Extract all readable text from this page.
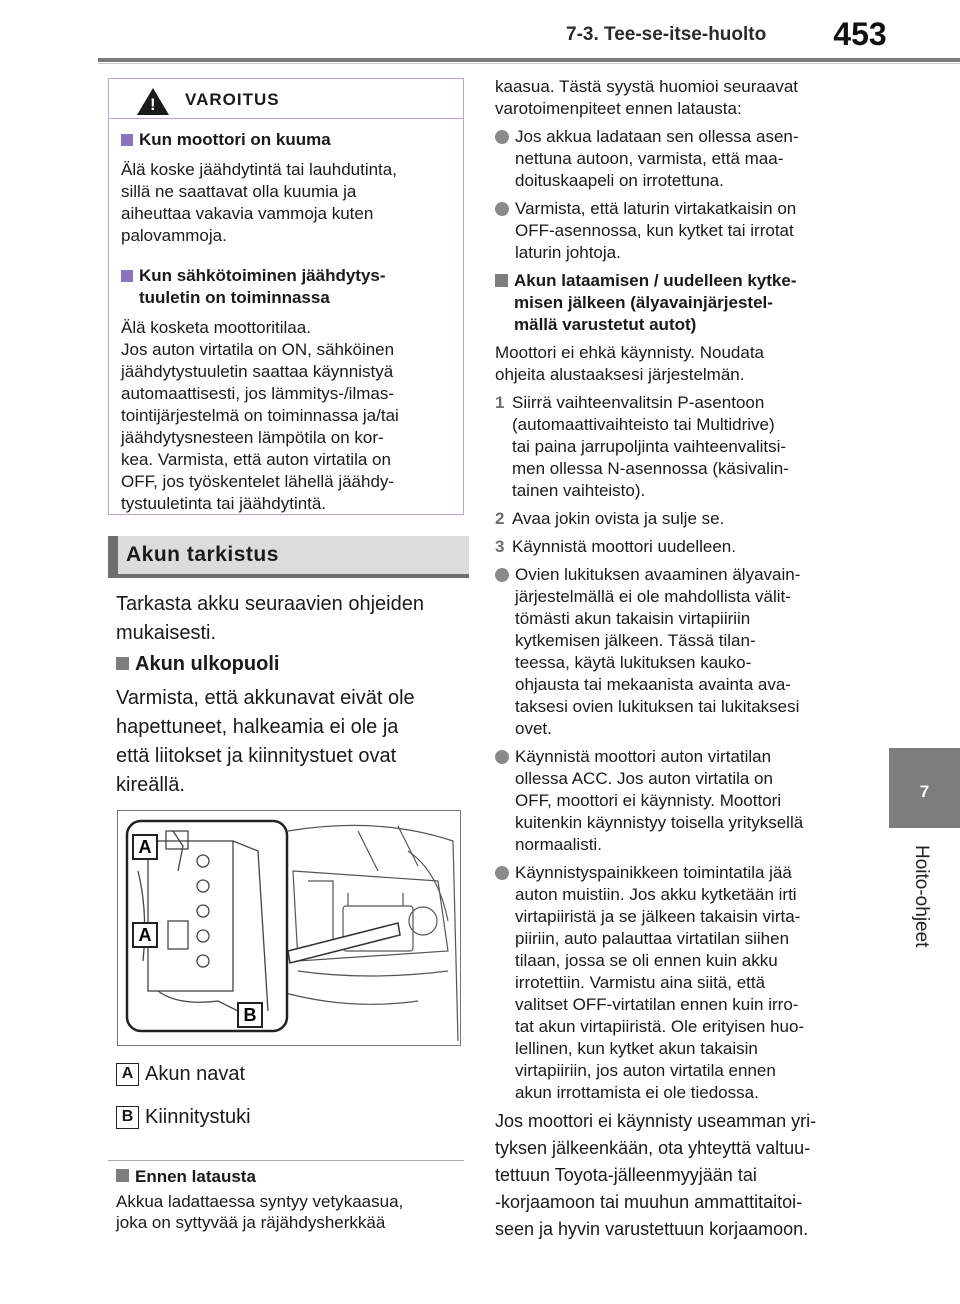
7-3. Tee-se-itse-huolto	453
7
Hoito-ohjeet
!
VAROITUS
Kun moottori on kuuma
Älä koske jäähdytintä tai lauhdutinta,
sillä ne saattavat olla kuumia ja
aiheuttaa vakavia vammoja kuten
palovammoja.
Kun sähkötoiminen jäähdytys-
tuuletin on toiminnassa
Älä kosketa moottoritilaa.
Jos auton virtatila on ON, sähköinen
jäähdytystuuletin saattaa käynnistyä
automaattisesti, jos lämmitys-/ilmas-
tointijärjestelmä on toiminnassa ja/tai
jäähdytysnesteen lämpötila on kor-
kea. Varmista, että auton virtatila on
OFF, jos työskentelet lähellä jäähdy-
tystuuletinta tai jäähdytintä.
Akun tarkistus
Tarkasta akku seuraavien ohjeiden
mukaisesti.
Akun ulkopuoli
Varmista, että akkunavat eivät ole
hapettuneet, halkeamia ei ole ja
että liitokset ja kiinnitystuet ovat
kireällä.
A
A
B
A Akun navat
B Kiinnitystuki
Ennen latausta
Akkua ladattaessa syntyy vetykaasua,
joka on syttyvää ja räjähdysherkkää
kaasua. Tästä syystä huomioi seuraavat
varotoimenpiteet ennen latausta:
Jos akkua ladataan sen ollessa asen-
nettuna autoon, varmista, että maa-
doituskaapeli on irrotettuna.
Varmista, että laturin virtakatkaisin on
OFF-asennossa, kun kytket tai irrotat
laturin johtoja.
Akun lataamisen / uudelleen kytke-
misen jälkeen (älyavainjärjestel-
mällä varustetut autot)
Moottori ei ehkä käynnisty. Noudata
ohjeita alustaaksesi järjestelmän.
1 Siirrä vaihteenvalitsin P-asentoon
(automaattivaihteisto tai Multidrive)
tai paina jarrupoljinta vaihteenvalitsi-
men ollessa N-asennossa (käsivalin-
tainen vaihteisto).
2 Avaa jokin ovista ja sulje se.
3 Käynnistä moottori uudelleen.
Ovien lukituksen avaaminen älyavain-
järjestelmällä ei ole mahdollista välit-
tömästi akun takaisin virtapiiriin
kytkemisen jälkeen. Tässä tilan-
teessa, käytä lukituksen kauko-
ohjausta tai mekaanista avainta ava-
taksesi ovien lukituksen tai lukitaksesi
ovet.
Käynnistä moottori auton virtatilan
ollessa ACC. Jos auton virtatila on
OFF, moottori ei käynnisty. Moottori
kuitenkin käynnistyy toisella yrityksellä
normaalisti.
Käynnistyspainikkeen toimintatila jää
auton muistiin. Jos akku kytketään irti
virtapiiristä ja se jälkeen takaisin virta-
piiriin, auto palauttaa virtatilan siihen
tilaan, jossa se oli ennen kuin akku
irrotettiin. Varmistu aina siitä, että
valitset OFF-virtatilan ennen kuin irro-
tat akun virtapiiristä. Ole erityisen huo-
lellinen, kun kytket akun takaisin
virtapiiriin, jos auton virtatila ennen
akun irrottamista ei ole tiedossa.
Jos moottori ei käynnisty useamman yri-
tyksen jälkeenkään, ota yhteyttä valtuu-
tettuun Toyota-jälleenmyyjään tai
-korjaamoon tai muuhun ammattitaitoi-
seen ja hyvin varustettuun korjaamoon.
